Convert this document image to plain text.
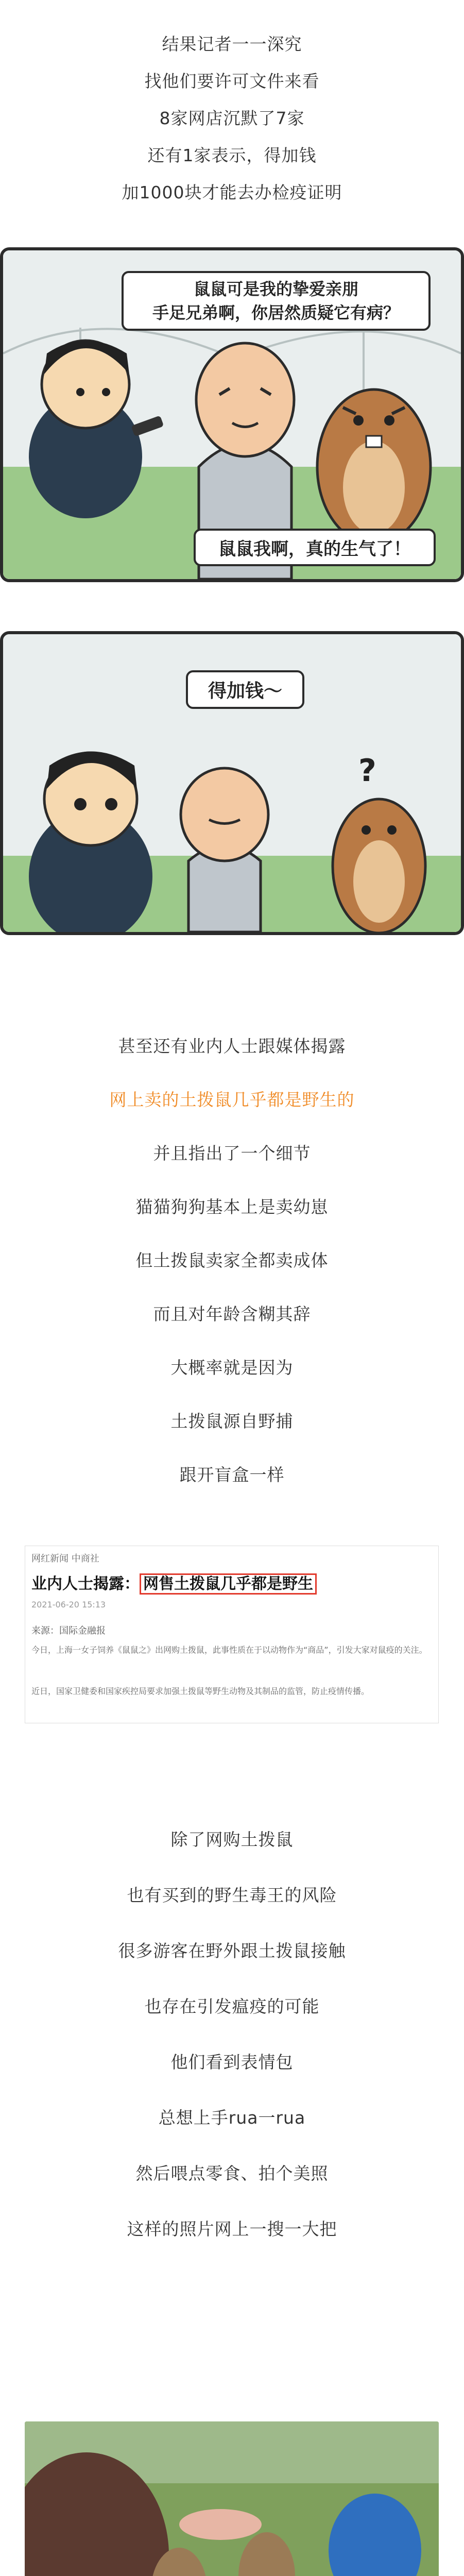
结果记者一一深究
找他们要许可文件来看
8家网店沉默了7家
还有1家表示，得加钱
加1000块才能去办检疫证明
鼠鼠可是我的挚爱亲朋
手足兄弟啊，你居然质疑它有病？
鼠鼠我啊，真的生气了！
得加钱～
?
甚至还有业内人士跟媒体揭露
网上卖的土拨鼠几乎都是野生的
并且指出了一个细节
猫猫狗狗基本上是卖幼崽
但土拨鼠卖家全都卖成体
而且对年龄含糊其辞
大概率就是因为
土拨鼠源自野捕
跟开盲盒一样
网红新闻 中商社
业内人士揭露： 网售土拨鼠几乎都是野生
2021-06-20 15:13
来源：国际金融报
今日，上海一女子饲养《鼠鼠之》出网购土拨鼠，此事性质在于以动物作为“商品”，引发大家对鼠疫的关注。
近日，国家卫健委和国家疾控局要求加强土拨鼠等野生动物及其制品的监管，防止疫情传播。
除了网购土拨鼠
也有买到的野生毒王的风险
很多游客在野外跟土拨鼠接触
也存在引发瘟疫的可能
他们看到表情包
总想上手rua一rua
然后喂点零食、拍个美照
这样的照片网上一搜一大把
